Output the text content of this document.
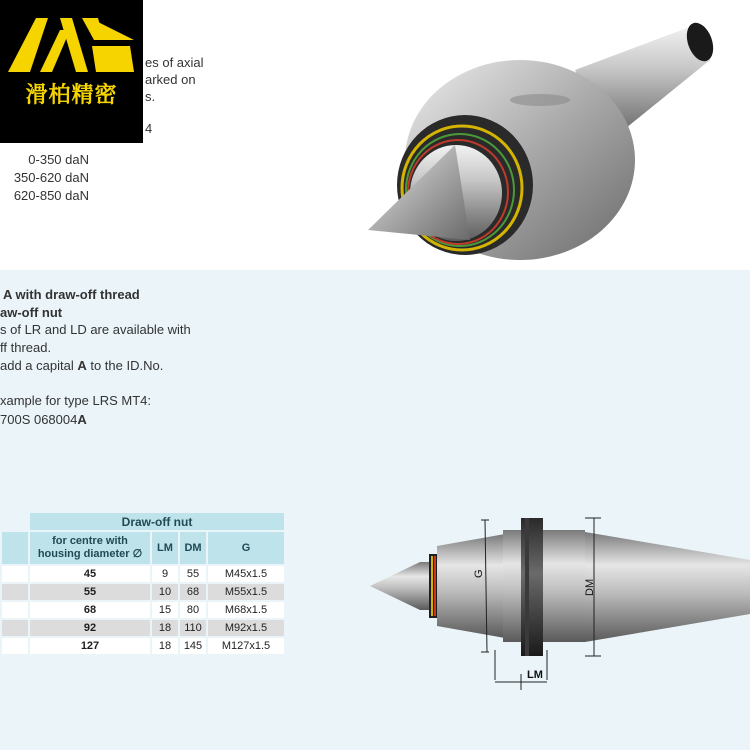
滑柏精密
es of axial
arked on
s.
4
0-350 daN
350-620 daN
620-850 daN
A with draw-off thread
aw-off nut
s of LR and LD are available with
ff thread.
add a capital A to the ID.No.
xample for type LRS MT4:
700S 068004A
	Draw-off nut			
	for centre with housing diameter ∅	LM	DM	G
	45	9	55	M45x1.5
	55	10	68	M55x1.5
	68	15	80	M68x1.5
	92	18	110	M92x1.5
	127	18	145	M127x1.5
G
DM
LM
